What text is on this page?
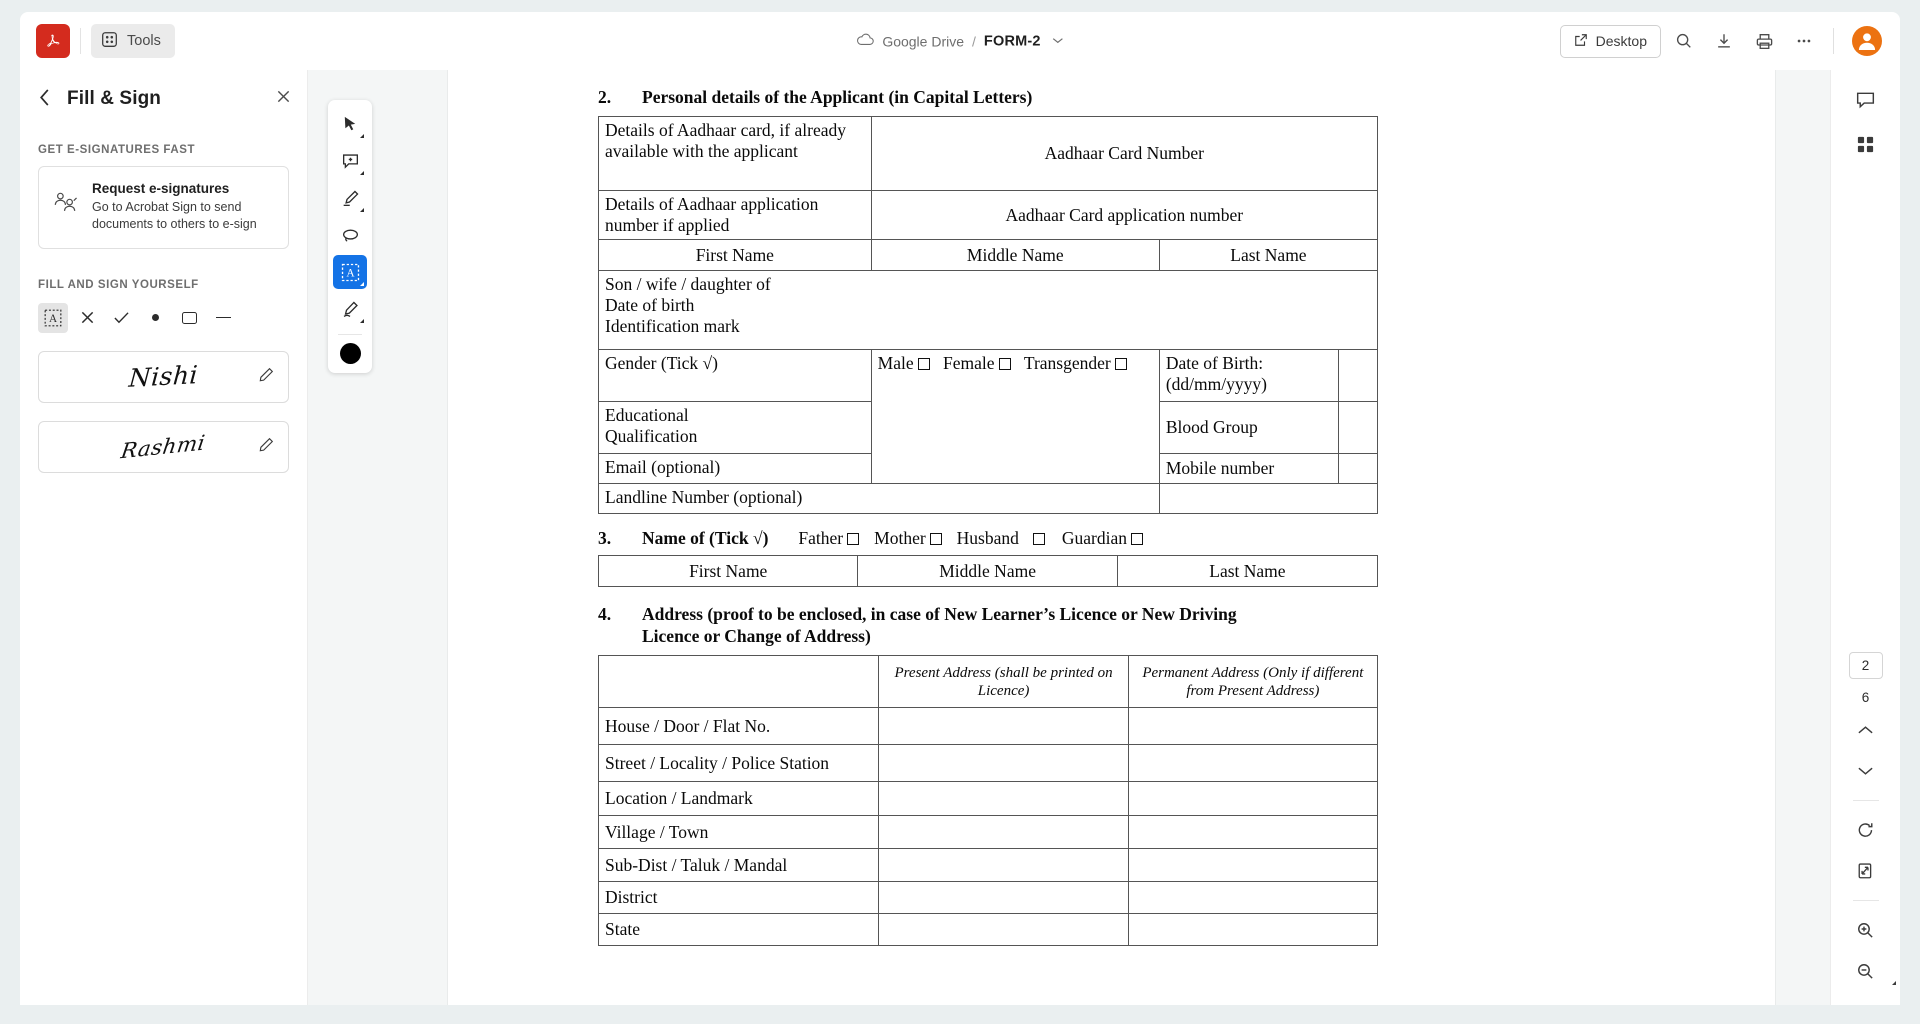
Tools	Google Drive / FORM-2	Desktop
Fill & Sign
GET E-SIGNATURES FAST
Request e-signatures
Go to Acrobat Sign to send documents to others to e-sign
FILL AND SIGN YOURSELF
A
Nishi
Rashmi
2.	Personal details of the Applicant (in Capital Letters)
Details of Aadhaar card, if already available with the applicant	Aadhaar Card Number		
Details of Aadhaar application number if applied	Aadhaar Card application number		
First Name	Middle Name	Last Name	

Son / wife / daughter of
Date of birth
Identification mark			

Gender (Tick √)	Male Female Transgender	Date of Birth:
(dd/mm/yyyy)	

Educational
Qualification		Blood Group	
Email (optional)		Mobile number	
Landline Number (optional)			
3.	Name of (Tick √) Father Mother Husband Guardian
First Name	Middle Name	Last Name
4.	Address (proof to be enclosed, in case of New Learner’s Licence or New Driving
Licence or Change of Address)
	Present Address (shall be printed on Licence)	Permanent Address (Only if different from Present Address)
House / Door / Flat No.		
Street / Locality / Police Station		
Location / Landmark		
Village / Town		
Sub-Dist / Taluk / Mandal		
District		
State		
A
2
6
